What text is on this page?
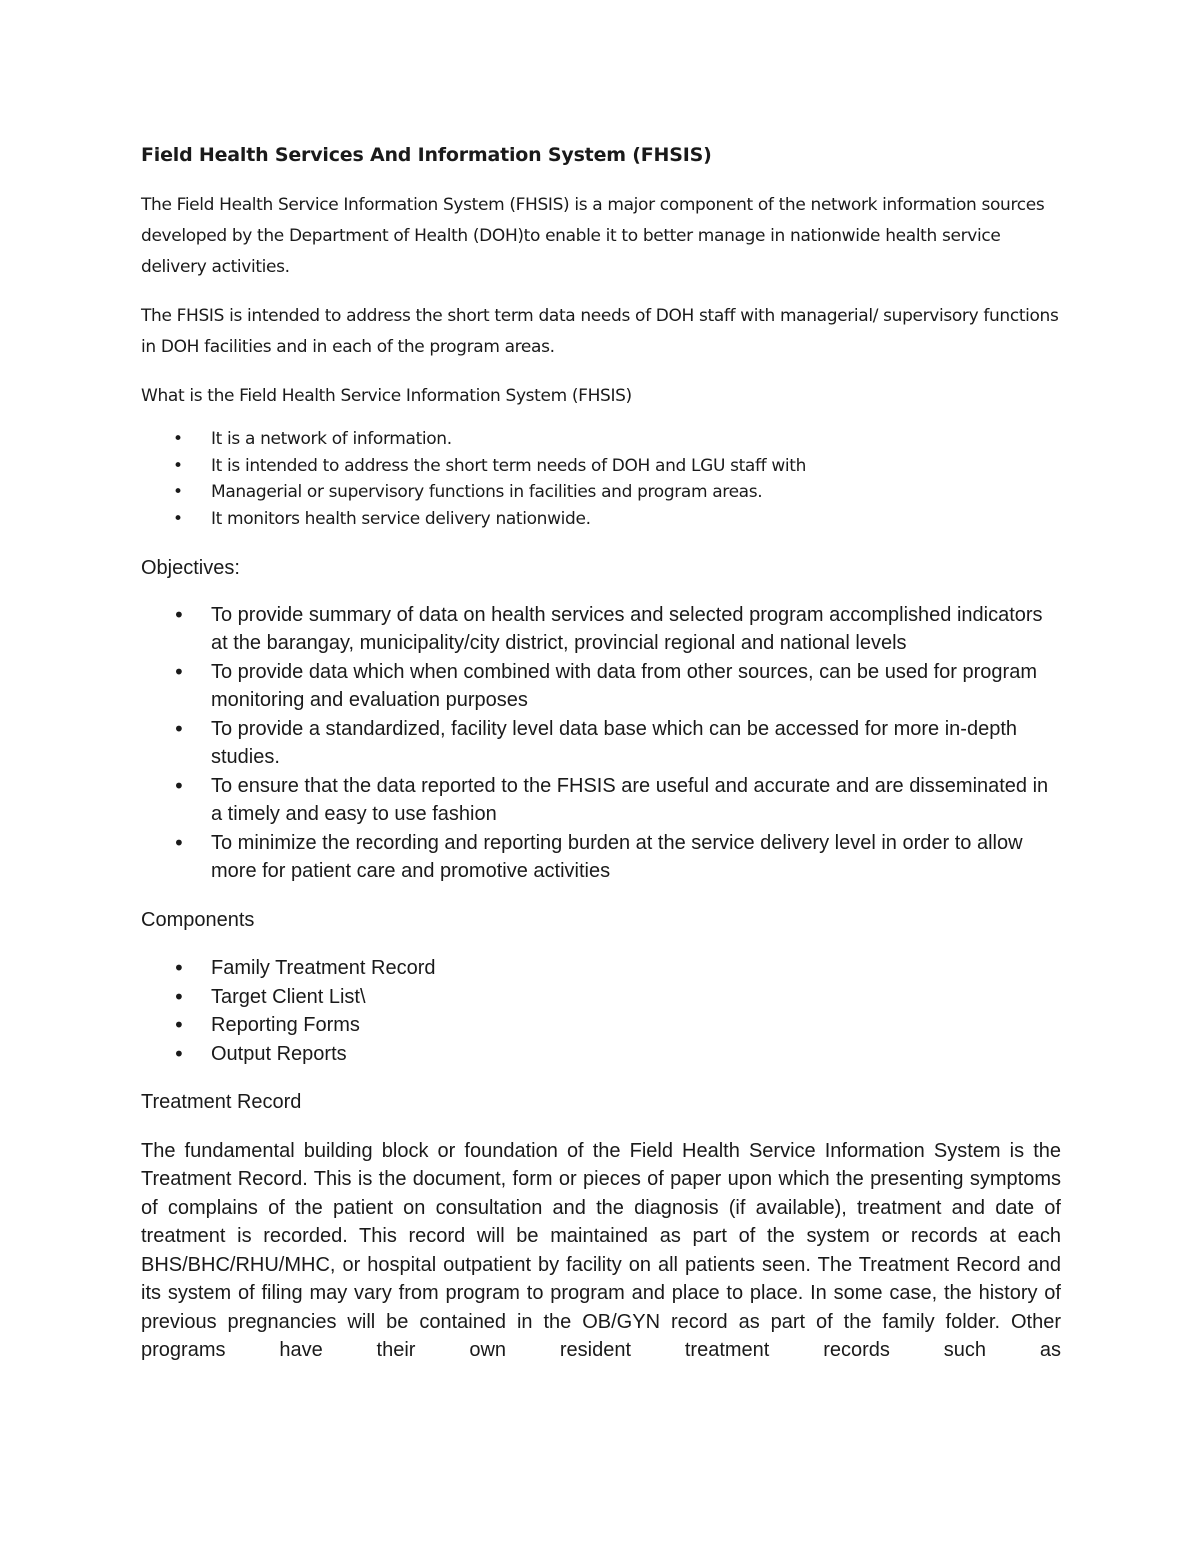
Field Health Services And Information System (FHSIS)

The Field Health Service Information System (FHSIS) is a major component of the network information sources developed by the Department of Health (DOH)to enable it to better manage in nationwide health service delivery activities.

The FHSIS is intended to address the short term data needs of DOH staff with managerial/ supervisory functions in DOH facilities and in each of the program areas.

What is the Field Health Service Information System (FHSIS)

• It is a network of information.
• It is intended to address the short term needs of DOH and LGU staff with
• Managerial or supervisory functions in facilities and program areas.
• It monitors health service delivery nationwide.

Objectives:

• To provide summary of data on health services and selected program accomplished indicators at the barangay, municipality/city district, provincial regional and national levels
• To provide data which when combined with data from other sources, can be used for program monitoring and evaluation purposes
• To provide a standardized, facility level data base which can be accessed for more in-depth studies.
• To ensure that the data reported to the FHSIS are useful and accurate and are disseminated in a timely and easy to use fashion
• To minimize the recording and reporting burden at the service delivery level in order to allow more for patient care and promotive activities

Components

• Family Treatment Record
• Target Client List\
• Reporting Forms
• Output Reports

Treatment Record

The fundamental building block or foundation of the Field Health Service Information System is the Treatment Record. This is the document, form or pieces of paper upon which the presenting symptoms of complains of the patient on consultation and the diagnosis (if available), treatment and date of treatment is recorded. This record will be maintained as part of the system or records at each BHS/BHC/RHU/MHC, or hospital outpatient by facility on all patients seen. The Treatment Record and its system of filing may vary from program to program and place to place. In some case, the history of previous pregnancies will be contained in the OB/GYN record as part of the family folder. Other programs have their own resident treatment records such as
